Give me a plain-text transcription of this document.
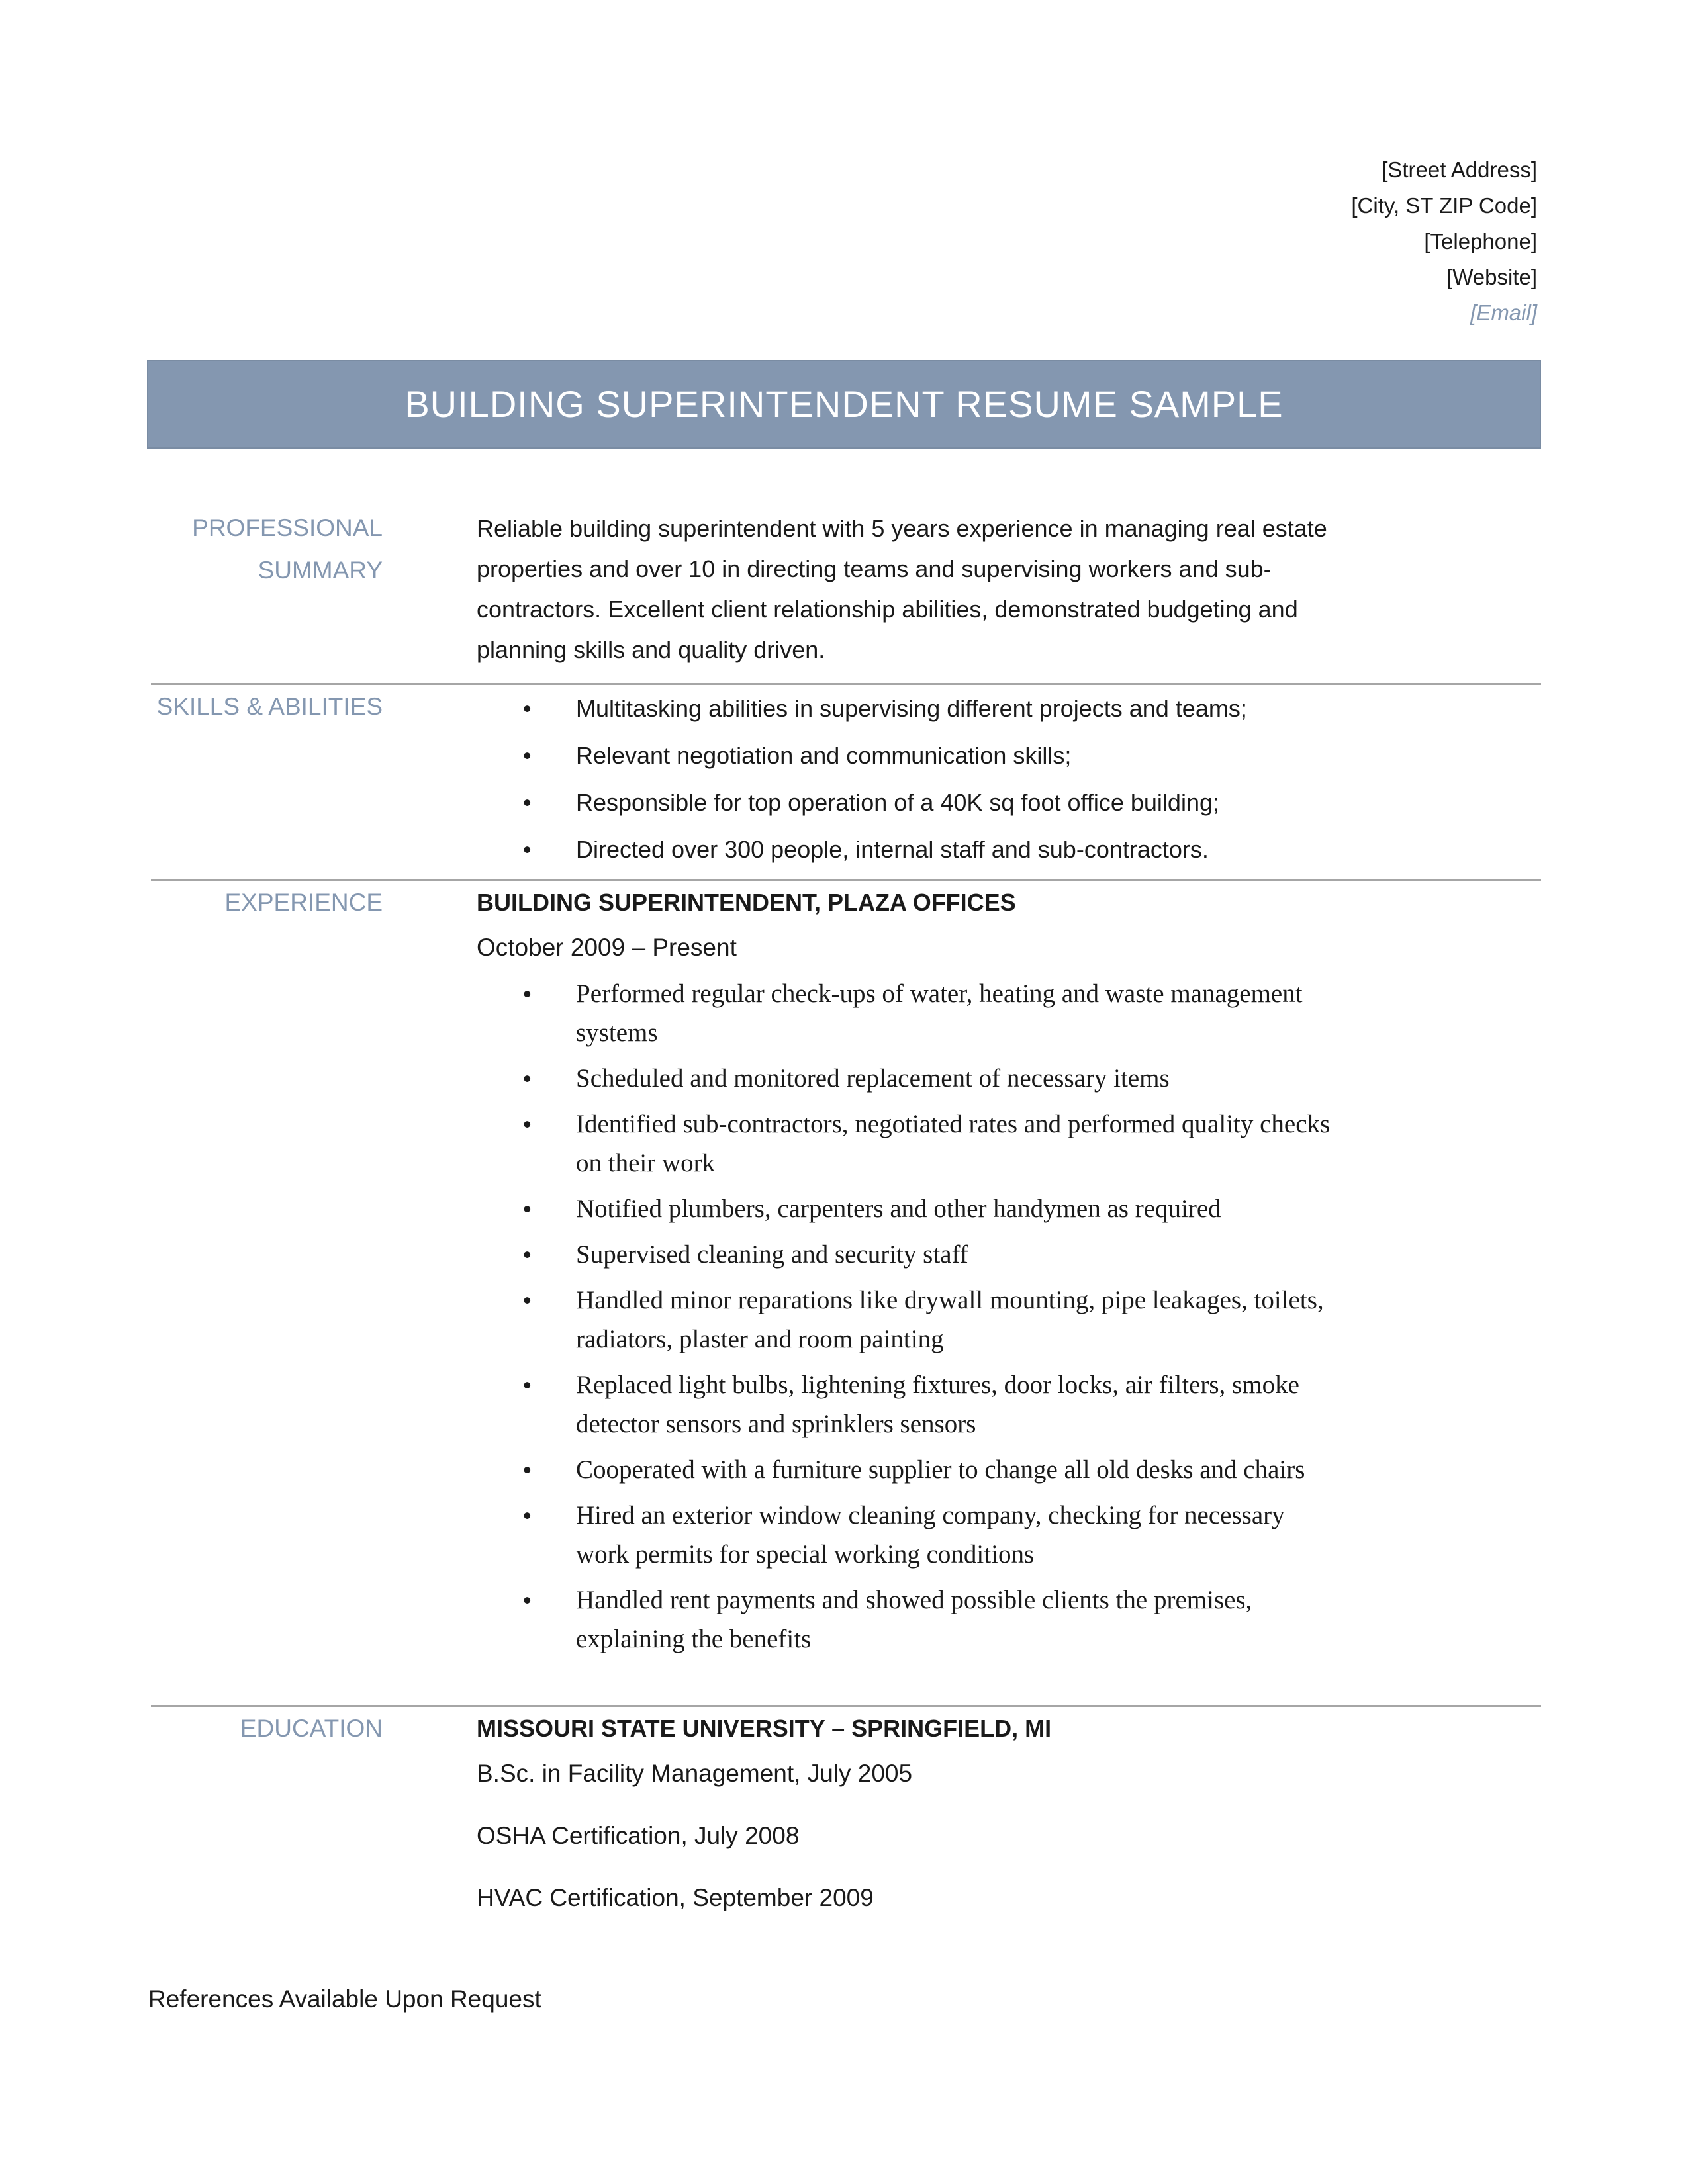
[Street Address]
[City, ST ZIP Code]
[Telephone]
[Website]
[Email]
BUILDING SUPERINTENDENT RESUME SAMPLE
PROFESSIONAL
SUMMARY
Reliable building superintendent with 5 years experience in managing real estate properties and over 10 in directing teams and supervising workers and sub-contractors. Excellent client relationship abilities, demonstrated budgeting and planning skills and quality driven.
SKILLS & ABILITIES	• Multitasking abilities in supervising different projects and teams;
• Relevant negotiation and communication skills;
• Responsible for top operation of a 40K sq foot office building;
• Directed over 300 people, internal staff and sub-contractors.
EXPERIENCE	BUILDING SUPERINTENDENT, PLAZA OFFICES
October 2009 – Present
• Performed regular check-ups of water, heating and waste management systems
• Scheduled and monitored replacement of necessary items
• Identified sub-contractors, negotiated rates and performed quality checks on their work
• Notified plumbers, carpenters and other handymen as required
• Supervised cleaning and security staff
• Handled minor reparations like drywall mounting, pipe leakages, toilets, radiators, plaster and room painting
• Replaced light bulbs, lightening fixtures, door locks, air filters, smoke detector sensors and sprinklers sensors
• Cooperated with a furniture supplier to change all old desks and chairs
• Hired an exterior window cleaning company, checking for necessary work permits for special working conditions
• Handled rent payments and showed possible clients the premises, explaining the benefits
EDUCATION	MISSOURI STATE UNIVERSITY – SPRINGFIELD, MI
B.Sc. in Facility Management, July 2005
OSHA Certification, July 2008
HVAC Certification, September 2009
References Available Upon Request
